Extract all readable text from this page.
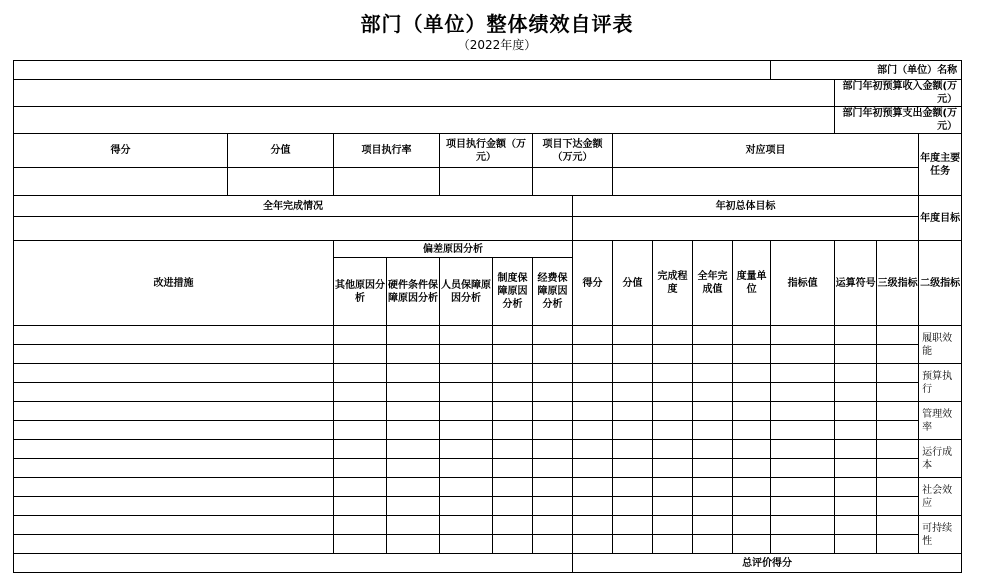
部门（单位）整体绩效自评表
（2022年度）
												部门（单位）名称				
													部门年初预算收入金额(万元）			
													部门年初预算支出金额(万元）			
得分	分值	项目执行率		项目执行金额（万元）		项目下达金额（万元）		对应项目							年度主要任务	

全年完成情况							年初总体目标								年度目标	

改进措施		偏差原因分析					得分	分值	完成程度	全年完成值	度量单位	指标值	运算符号	三级指标	二级指标		
		其他原因分析	硬件条件保障原因分析	人员保障原因分析	制度保障原因分析	经费保障原因分析										
															履职效能	

															预算执行	

															管理效率	

															运行成本	

															社会效应	

															可持续性	

							总评价得分									
